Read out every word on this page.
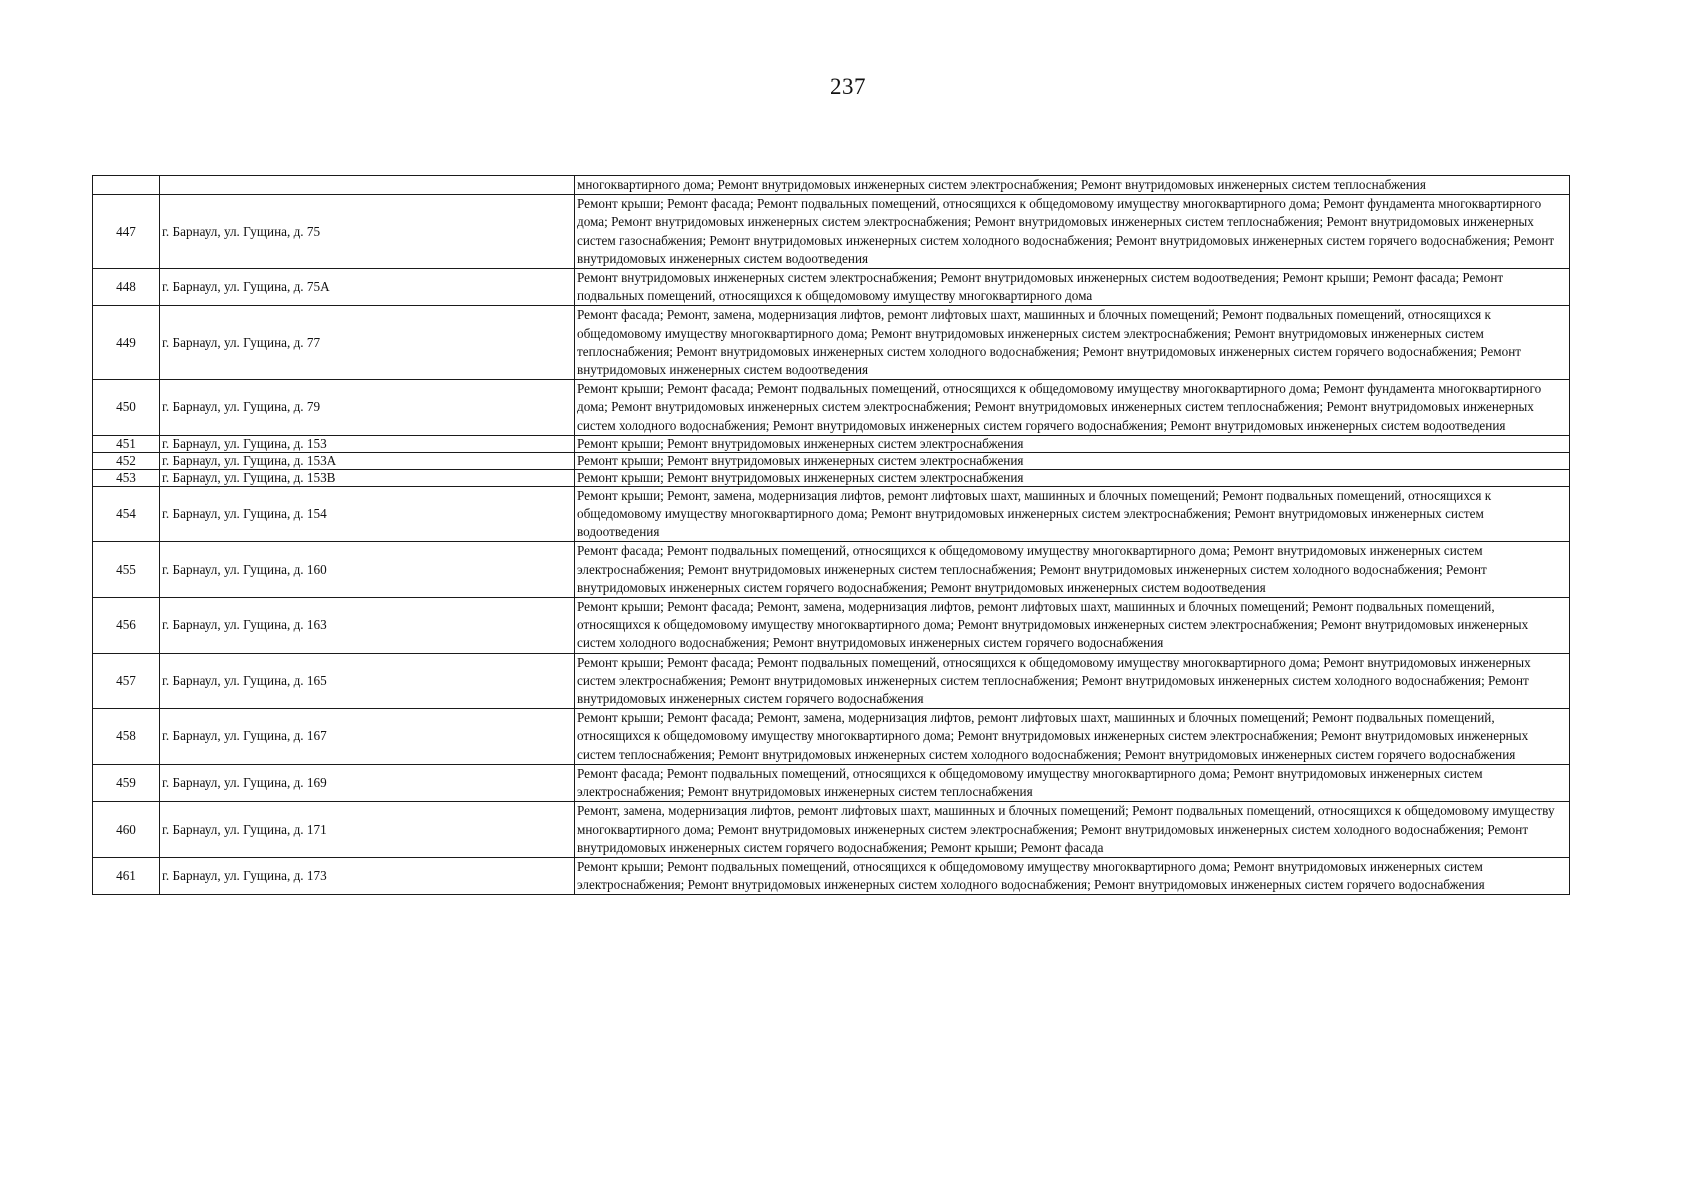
237
		многоквартирного дома; Ремонт внутридомовых инженерных систем электроснабжения; Ремонт внутридомовых инженерных систем теплоснабжения
447	г. Барнаул, ул. Гущина, д. 75	Ремонт крыши; Ремонт фасада; Ремонт подвальных помещений, относящихся к общедомовому имуществу многоквартирного дома; Ремонт фундамента многоквартирного дома; Ремонт внутридомовых инженерных систем электроснабжения; Ремонт внутридомовых инженерных систем теплоснабжения; Ремонт внутридомовых инженерных систем газоснабжения; Ремонт внутридомовых инженерных систем холодного водоснабжения; Ремонт внутридомовых инженерных систем горячего водоснабжения; Ремонт внутридомовых инженерных систем водоотведения
448	г. Барнаул, ул. Гущина, д. 75А	Ремонт внутридомовых инженерных систем электроснабжения; Ремонт внутридомовых инженерных систем водоотведения; Ремонт крыши; Ремонт фасада; Ремонт подвальных помещений, относящихся к общедомовому имуществу многоквартирного дома
449	г. Барнаул, ул. Гущина, д. 77	Ремонт фасада; Ремонт, замена, модернизация лифтов, ремонт лифтовых шахт, машинных и блочных помещений; Ремонт подвальных помещений, относящихся к общедомовому имуществу многоквартирного дома; Ремонт внутридомовых инженерных систем электроснабжения; Ремонт внутридомовых инженерных систем теплоснабжения; Ремонт внутридомовых инженерных систем холодного водоснабжения; Ремонт внутридомовых инженерных систем горячего водоснабжения; Ремонт внутридомовых инженерных систем водоотведения
450	г. Барнаул, ул. Гущина, д. 79	Ремонт крыши; Ремонт фасада; Ремонт подвальных помещений, относящихся к общедомовому имуществу многоквартирного дома; Ремонт фундамента многоквартирного дома; Ремонт внутридомовых инженерных систем электроснабжения; Ремонт внутридомовых инженерных систем теплоснабжения; Ремонт внутридомовых инженерных систем холодного водоснабжения; Ремонт внутридомовых инженерных систем горячего водоснабжения; Ремонт внутридомовых инженерных систем водоотведения
451	г. Барнаул, ул. Гущина, д. 153	Ремонт крыши; Ремонт внутридомовых инженерных систем электроснабжения
452	г. Барнаул, ул. Гущина, д. 153А	Ремонт крыши; Ремонт внутридомовых инженерных систем электроснабжения
453	г. Барнаул, ул. Гущина, д. 153В	Ремонт крыши; Ремонт внутридомовых инженерных систем электроснабжения
454	г. Барнаул, ул. Гущина, д. 154	Ремонт крыши; Ремонт, замена, модернизация лифтов, ремонт лифтовых шахт, машинных и блочных помещений; Ремонт подвальных помещений, относящихся к общедомовому имуществу многоквартирного дома; Ремонт внутридомовых инженерных систем электроснабжения; Ремонт внутридомовых инженерных систем водоотведения
455	г. Барнаул, ул. Гущина, д. 160	Ремонт фасада; Ремонт подвальных помещений, относящихся к общедомовому имуществу многоквартирного дома; Ремонт внутридомовых инженерных систем электроснабжения; Ремонт внутридомовых инженерных систем теплоснабжения; Ремонт внутридомовых инженерных систем холодного водоснабжения; Ремонт внутридомовых инженерных систем горячего водоснабжения; Ремонт внутридомовых инженерных систем водоотведения
456	г. Барнаул, ул. Гущина, д. 163	Ремонт крыши; Ремонт фасада; Ремонт, замена, модернизация лифтов, ремонт лифтовых шахт, машинных и блочных помещений; Ремонт подвальных помещений, относящихся к общедомовому имуществу многоквартирного дома; Ремонт внутридомовых инженерных систем электроснабжения; Ремонт внутридомовых инженерных систем холодного водоснабжения; Ремонт внутридомовых инженерных систем горячего водоснабжения
457	г. Барнаул, ул. Гущина, д. 165	Ремонт крыши; Ремонт фасада; Ремонт подвальных помещений, относящихся к общедомовому имуществу многоквартирного дома; Ремонт внутридомовых инженерных систем электроснабжения; Ремонт внутридомовых инженерных систем теплоснабжения; Ремонт внутридомовых инженерных систем холодного водоснабжения; Ремонт внутридомовых инженерных систем горячего водоснабжения
458	г. Барнаул, ул. Гущина, д. 167	Ремонт крыши; Ремонт фасада; Ремонт, замена, модернизация лифтов, ремонт лифтовых шахт, машинных и блочных помещений; Ремонт подвальных помещений, относящихся к общедомовому имуществу многоквартирного дома; Ремонт внутридомовых инженерных систем электроснабжения; Ремонт внутридомовых инженерных систем теплоснабжения; Ремонт внутридомовых инженерных систем холодного водоснабжения; Ремонт внутридомовых инженерных систем горячего водоснабжения
459	г. Барнаул, ул. Гущина, д. 169	Ремонт фасада; Ремонт подвальных помещений, относящихся к общедомовому имуществу многоквартирного дома; Ремонт внутридомовых инженерных систем электроснабжения; Ремонт внутридомовых инженерных систем теплоснабжения
460	г. Барнаул, ул. Гущина, д. 171	Ремонт, замена, модернизация лифтов, ремонт лифтовых шахт, машинных и блочных помещений; Ремонт подвальных помещений, относящихся к общедомовому имуществу многоквартирного дома; Ремонт внутридомовых инженерных систем электроснабжения; Ремонт внутридомовых инженерных систем холодного водоснабжения; Ремонт внутридомовых инженерных систем горячего водоснабжения; Ремонт крыши; Ремонт фасада
461	г. Барнаул, ул. Гущина, д. 173	Ремонт крыши; Ремонт подвальных помещений, относящихся к общедомовому имуществу многоквартирного дома; Ремонт внутридомовых инженерных систем электроснабжения; Ремонт внутридомовых инженерных систем холодного водоснабжения; Ремонт внутридомовых инженерных систем горячего водоснабжения
